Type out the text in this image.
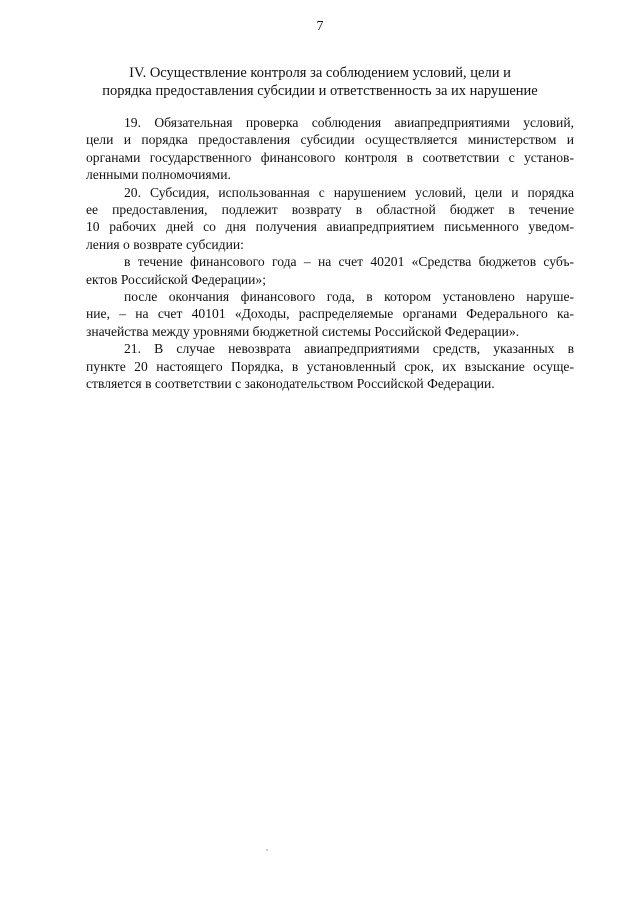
7
IV. Осуществление контроля за соблюдением условий, цели и
порядка предоставления субсидии и ответственность за их нарушение

19. Обязательная проверка соблюдения авиапредприятиями условий,
цели и порядка предоставления субсидии осуществляется министерством и
органами государственного финансового контроля в соответствии с установ-
ленными полномочиями.

20. Субсидия, использованная с нарушением условий, цели и порядка
ее предоставления, подлежит возврату в областной бюджет в течение
10 рабочих дней со дня получения авиапредприятием письменного уведом-
ления о возврате субсидии:

в течение финансового года – на счет 40201 «Средства бюджетов субъ-
ектов Российской Федерации»;

после окончания финансового года, в котором установлено наруше-
ние, – на счет 40101 «Доходы, распределяемые органами Федерального ка-
значейства между уровнями бюджетной системы Российской Федерации».

21. В случае невозврата авиапредприятиями средств, указанных в
пункте 20 настоящего Порядка, в установленный срок, их взыскание осуще-
ствляется в соответствии с законодательством Российской Федерации.
